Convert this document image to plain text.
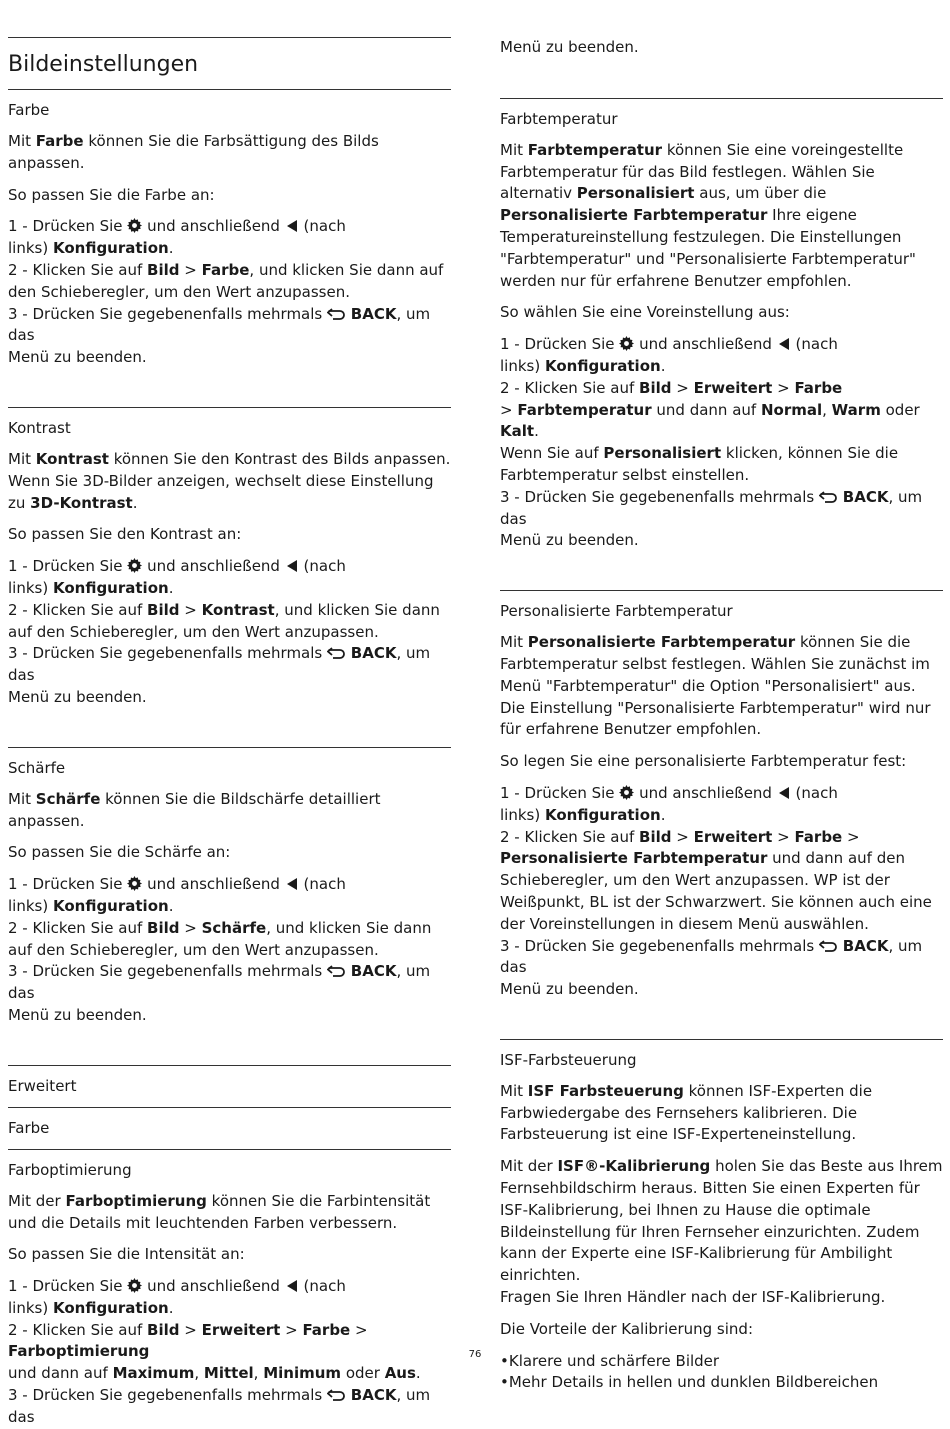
Bildeinstellungen
Farbe

Mit Farbe können Sie die Farbsättigung des Bilds anpassen.

So passen Sie die Farbe an:

1 - Drücken Sie und anschließend (nach
links) Konfiguration.
2 - Klicken Sie auf Bild > Farbe, und klicken Sie dann auf den Schieberegler, um den Wert anzupassen.
3 - Drücken Sie gegebenenfalls mehrmals BACK, um das
Menü zu beenden.

Kontrast

Mit Kontrast können Sie den Kontrast des Bilds anpassen. Wenn Sie 3D-Bilder anzeigen, wechselt diese Einstellung zu 3D-Kontrast.

So passen Sie den Kontrast an:

1 - Drücken Sie und anschließend (nach
links) Konfiguration.
2 - Klicken Sie auf Bild > Kontrast, und klicken Sie dann auf den Schieberegler, um den Wert anzupassen.
3 - Drücken Sie gegebenenfalls mehrmals BACK, um das
Menü zu beenden.

Schärfe

Mit Schärfe können Sie die Bildschärfe detailliert anpassen.

So passen Sie die Schärfe an:

1 - Drücken Sie und anschließend (nach
links) Konfiguration.
2 - Klicken Sie auf Bild > Schärfe, und klicken Sie dann auf den Schieberegler, um den Wert anzupassen.
3 - Drücken Sie gegebenenfalls mehrmals BACK, um das
Menü zu beenden.

Erweitert
Farbe
Farboptimierung

Mit der Farboptimierung können Sie die Farbintensität und die Details mit leuchtenden Farben verbessern.

So passen Sie die Intensität an:

1 - Drücken Sie und anschließend (nach
links) Konfiguration.
2 - Klicken Sie auf Bild > Erweitert > Farbe > Farboptimierung
und dann auf Maximum, Mittel, Minimum oder Aus.
3 - Drücken Sie gegebenenfalls mehrmals BACK, um das

Menü zu beenden.

Farbtemperatur

Mit Farbtemperatur können Sie eine voreingestellte Farbtemperatur für das Bild festlegen. Wählen Sie alternativ Personalisiert aus, um über die Personalisierte Farbtemperatur Ihre eigene Temperatureinstellung festzulegen. Die Einstellungen "Farbtemperatur" und "Personalisierte Farbtemperatur" werden nur für erfahrene Benutzer empfohlen.

So wählen Sie eine Voreinstellung aus:

1 - Drücken Sie und anschließend (nach
links) Konfiguration.
2 - Klicken Sie auf Bild > Erweitert > Farbe
> Farbtemperatur und dann auf Normal, Warm oder Kalt.
Wenn Sie auf Personalisiert klicken, können Sie die Farbtemperatur selbst einstellen.
3 - Drücken Sie gegebenenfalls mehrmals BACK, um das
Menü zu beenden.

Personalisierte Farbtemperatur

Mit Personalisierte Farbtemperatur können Sie die Farbtemperatur selbst festlegen. Wählen Sie zunächst im Menü "Farbtemperatur" die Option "Personalisiert" aus. Die Einstellung "Personalisierte Farbtemperatur" wird nur für erfahrene Benutzer empfohlen.

So legen Sie eine personalisierte Farbtemperatur fest:

1 - Drücken Sie und anschließend (nach
links) Konfiguration.
2 - Klicken Sie auf Bild > Erweitert > Farbe > Personalisierte Farbtemperatur und dann auf den Schieberegler, um den Wert anzupassen. WP ist der Weißpunkt, BL ist der Schwarzwert. Sie können auch eine der Voreinstellungen in diesem Menü auswählen.
3 - Drücken Sie gegebenenfalls mehrmals BACK, um das
Menü zu beenden.

ISF-Farbsteuerung

Mit ISF Farbsteuerung können ISF-Experten die Farbwiedergabe des Fernsehers kalibrieren. Die Farbsteuerung ist eine ISF-Experteneinstellung.

Mit der ISF®-Kalibrierung holen Sie das Beste aus Ihrem Fernsehbildschirm heraus. Bitten Sie einen Experten für ISF-Kalibrierung, bei Ihnen zu Hause die optimale Bildeinstellung für Ihren Fernseher einzurichten. Zudem kann der Experte eine ISF-Kalibrierung für Ambilight einrichten.
Fragen Sie Ihren Händler nach der ISF-Kalibrierung.

Die Vorteile der Kalibrierung sind:

• Klarere und schärfere Bilder
• Mehr Details in hellen und dunklen Bildbereichen
76
